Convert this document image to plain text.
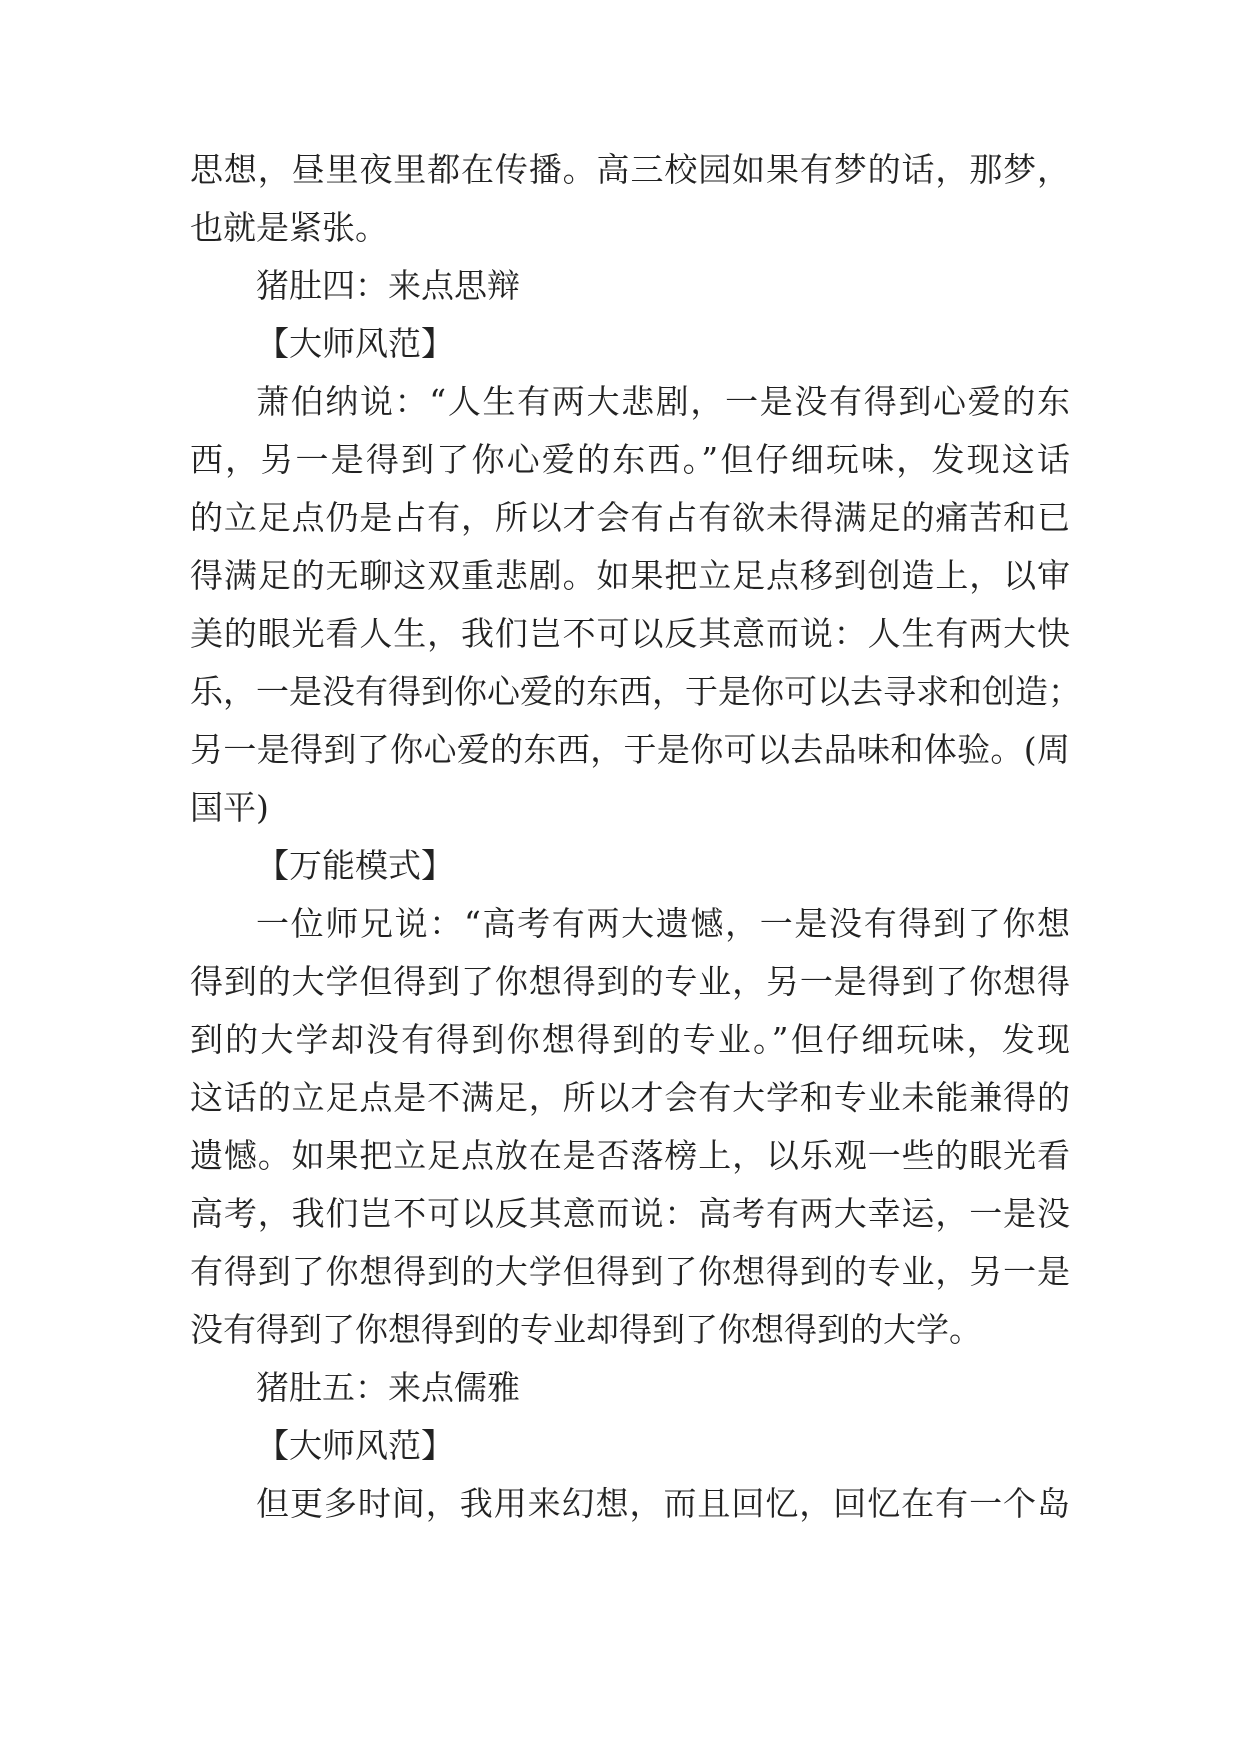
思想，昼里夜里都在传播。高三校园如果有梦的话，那梦，
也就是紧张。
猪肚四：来点思辩
【大师风范】
萧伯纳说：“人生有两大悲剧，一是没有得到心爱的东
西，另一是得到了你心爱的东西。”但仔细玩味，发现这话
的立足点仍是占有，所以才会有占有欲未得满足的痛苦和已
得满足的无聊这双重悲剧。如果把立足点移到创造上，以审
美的眼光看人生，我们岂不可以反其意而说：人生有两大快
乐，一是没有得到你心爱的东西，于是你可以去寻求和创造；
另一是得到了你心爱的东西，于是你可以去品味和体验。(周
国平)
【万能模式】
一位师兄说：“高考有两大遗憾，一是没有得到了你想
得到的大学但得到了你想得到的专业，另一是得到了你想得
到的大学却没有得到你想得到的专业。”但仔细玩味，发现
这话的立足点是不满足，所以才会有大学和专业未能兼得的
遗憾。如果把立足点放在是否落榜上，以乐观一些的眼光看
高考，我们岂不可以反其意而说：高考有两大幸运，一是没
有得到了你想得到的大学但得到了你想得到的专业，另一是
没有得到了你想得到的专业却得到了你想得到的大学。
猪肚五：来点儒雅
【大师风范】
但更多时间，我用来幻想，而且回忆，回忆在有一个岛
